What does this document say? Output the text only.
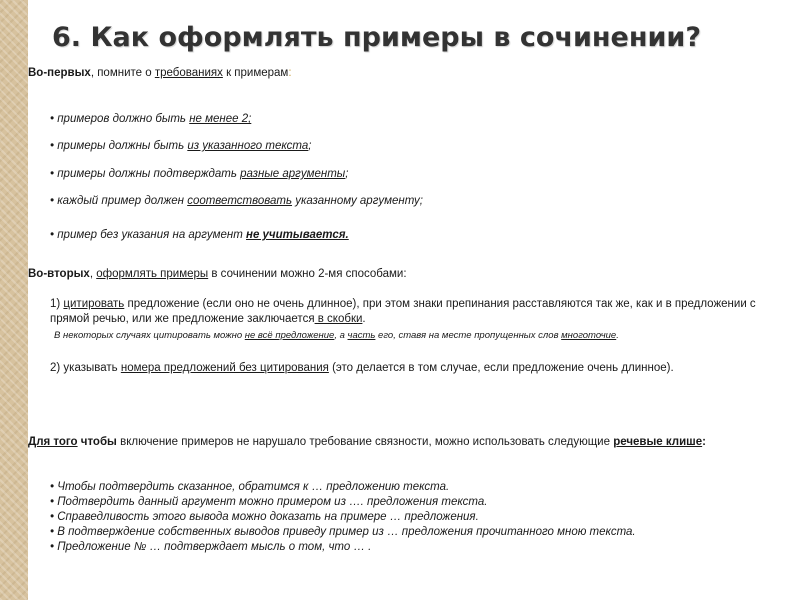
6. Как оформлять примеры в сочинении?
Во-первых, помните о требованиях к примерам:
• примеров должно быть не менее 2;
• примеры должны быть из указанного текста;
• примеры должны подтверждать разные аргументы;
• каждый пример должен соответствовать указанному аргументу;
• пример без указания на аргумент не учитывается.
Во-вторых, оформлять примеры в сочинении можно 2-мя способами:
1) цитировать предложение (если оно не очень длинное), при этом знаки препинания расставляются так же, как и в предложении с прямой речью, или же предложение заключается в скобки.
В некоторых случаях цитировать можно не всё предложение, а часть его, ставя на месте пропущенных слов многоточие.
2) указывать номера предложений без цитирования (это делается в том случае, если предложение очень длинное).
Для того чтобы включение примеров не нарушало требование связности, можно использовать следующие речевые клише:
• Чтобы подтвердить сказанное, обратимся к … предложению текста.
• Подтвердить данный аргумент можно примером из …. предложения текста.
• Справедливость этого вывода можно доказать на примере … предложения.
• В подтверждение собственных выводов приведу пример из … предложения прочитанного мною текста.
• Предложение № … подтверждает мысль о том, что … .
